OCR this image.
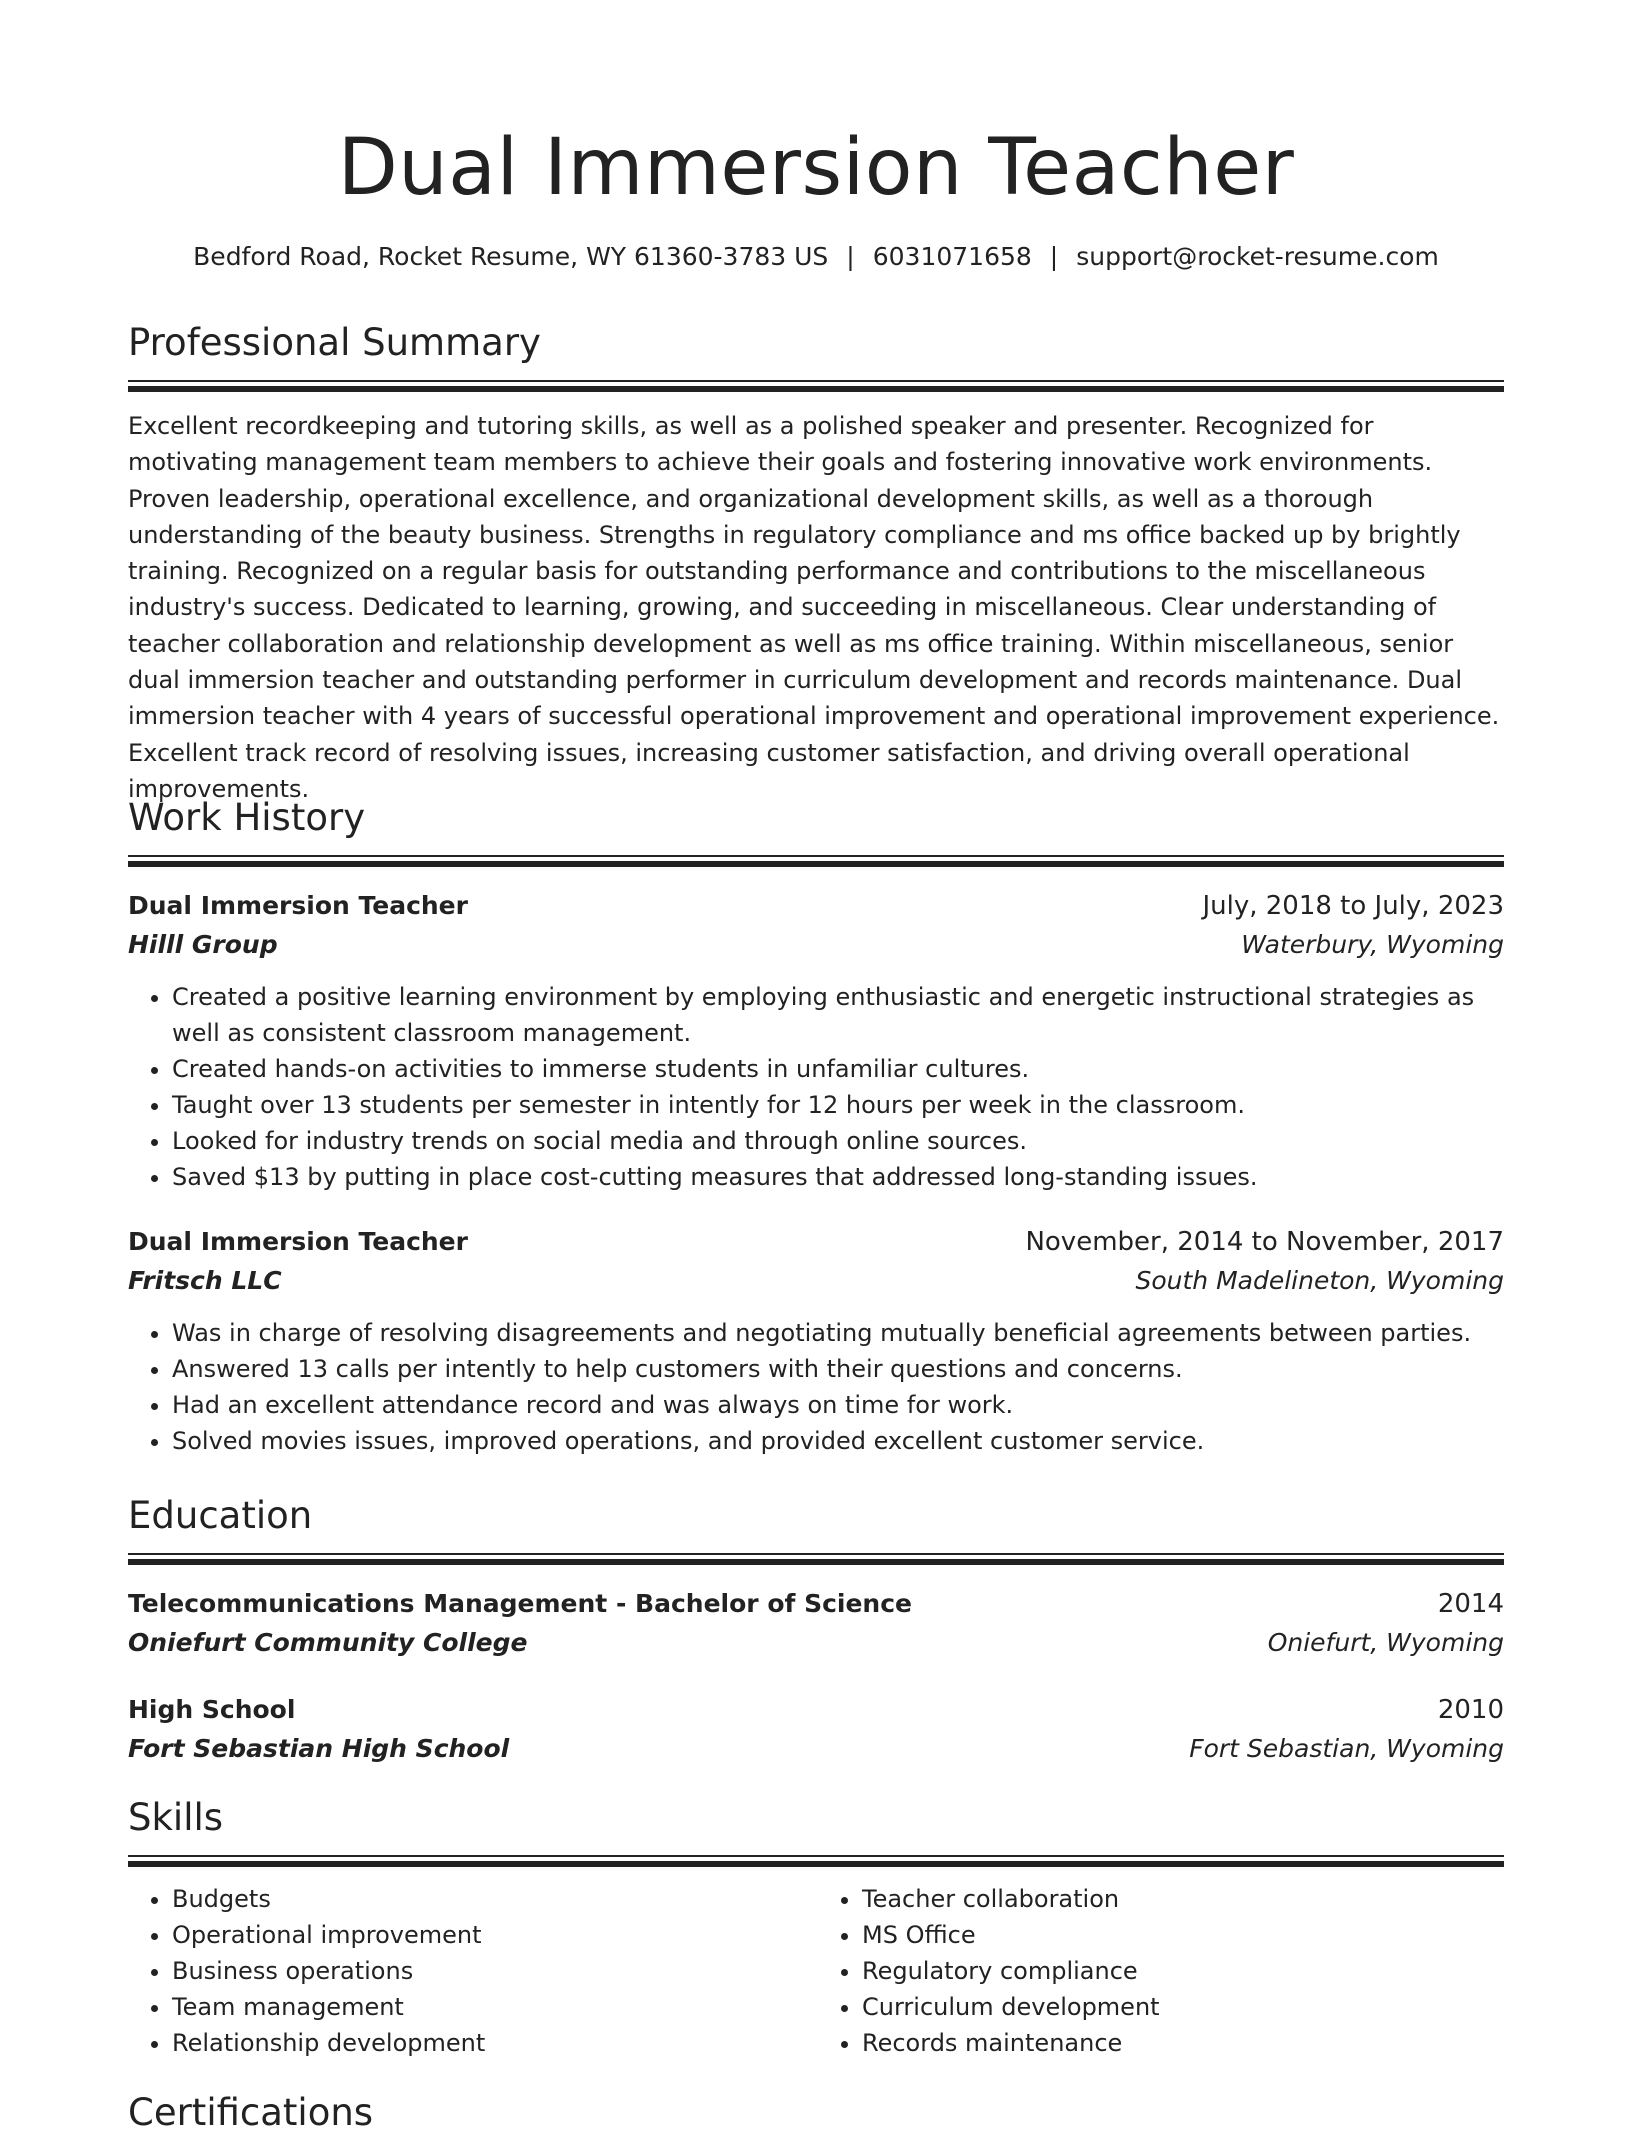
Dual Immersion Teacher
Bedford Road, Rocket Resume, WY 61360-3783 US | 6031071658 | support@rocket-resume.com
Professional Summary

Excellent recordkeeping and tutoring skills, as well as a polished speaker and presenter. Recognized for motivating management team members to achieve their goals and fostering innovative work environments. Proven leadership, operational excellence, and organizational development skills, as well as a thorough understanding of the beauty business. Strengths in regulatory compliance and ms office backed up by brightly training. Recognized on a regular basis for outstanding performance and contributions to the miscellaneous industry's success. Dedicated to learning, growing, and succeeding in miscellaneous. Clear understanding of teacher collaboration and relationship development as well as ms office training. Within miscellaneous, senior dual immersion teacher and outstanding performer in curriculum development and records maintenance. Dual immersion teacher with 4 years of successful operational improvement and operational improvement experience. Excellent track record of resolving issues, increasing customer satisfaction, and driving overall operational improvements.

Work History
Dual Immersion Teacher	July, 2018 to July, 2023
Hilll Group	Waterbury, Wyoming
• Created a positive learning environment by employing enthusiastic and energetic instructional strategies as well as consistent classroom management.
• Created hands-on activities to immerse students in unfamiliar cultures.
• Taught over 13 students per semester in intently for 12 hours per week in the classroom.
• Looked for industry trends on social media and through online sources.
• Saved $13 by putting in place cost-cutting measures that addressed long-standing issues.
Dual Immersion Teacher	November, 2014 to November, 2017
Fritsch LLC	South Madelineton, Wyoming
• Was in charge of resolving disagreements and negotiating mutually beneficial agreements between parties.
• Answered 13 calls per intently to help customers with their questions and concerns.
• Had an excellent attendance record and was always on time for work.
• Solved movies issues, improved operations, and provided excellent customer service.
Education
Telecommunications Management - Bachelor of Science	2014
Oniefurt Community College	Oniefurt, Wyoming
High School	2010
Fort Sebastian High School	Fort Sebastian, Wyoming
Skills
• Budgets
• Operational improvement
• Business operations
• Team management
• Relationship development
• Teacher collaboration
• MS Office
• Regulatory compliance
• Curriculum development
• Records maintenance
Certifications
